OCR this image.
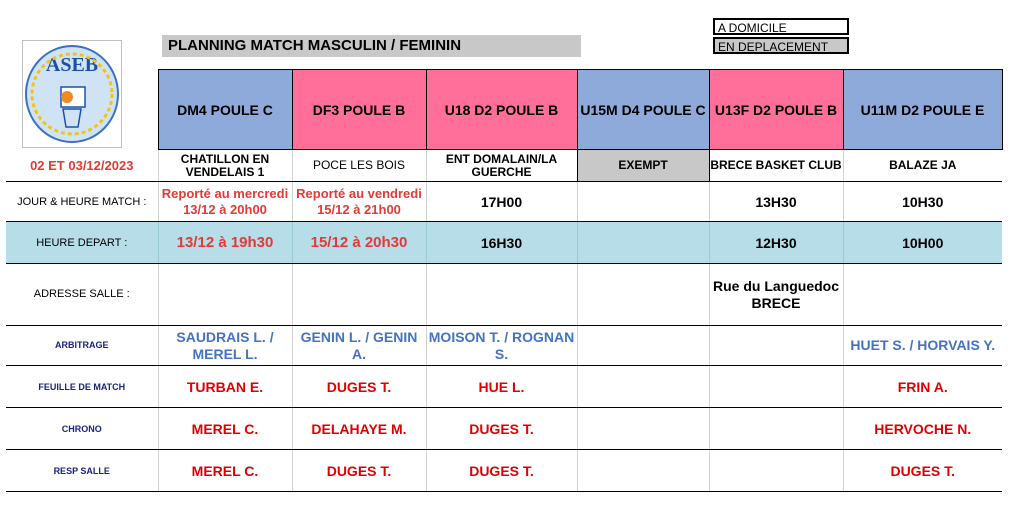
ASEB
PLANNING MATCH MASCULIN / FEMININ
A DOMICILE
EN DEPLACEMENT
	DM4 POULE C	DF3 POULE B	U18 D2 POULE B	U15M D4 POULE C	U13F D2 POULE B	U11M D2 POULE E
02 ET 03/12/2023	CHATILLON EN VENDELAIS 1	POCE LES BOIS	ENT DOMALAIN/LA GUERCHE	EXEMPT	BRECE BASKET CLUB	BALAZE JA
JOUR & HEURE MATCH :	Reporté au mercredi 13/12 à 20h00	Reporté au vendredi 15/12 à 21h00	17H00		13H30	10H30
HEURE DEPART :	13/12 à 19h30	15/12 à 20h30	16H30		12H30	10H00
ADRESSE SALLE :					Rue du Languedoc BRECE	
ARBITRAGE	SAUDRAIS L. / MEREL L.	GENIN L. / GENIN A.	MOISON T. / ROGNAN S.			HUET S. / HORVAIS Y.
FEUILLE DE MATCH	TURBAN E.	DUGES T.	HUE L.			FRIN A.
CHRONO	MEREL C.	DELAHAYE M.	DUGES T.			HERVOCHE N.
RESP SALLE	MEREL C.	DUGES T.	DUGES T.			DUGES T.
